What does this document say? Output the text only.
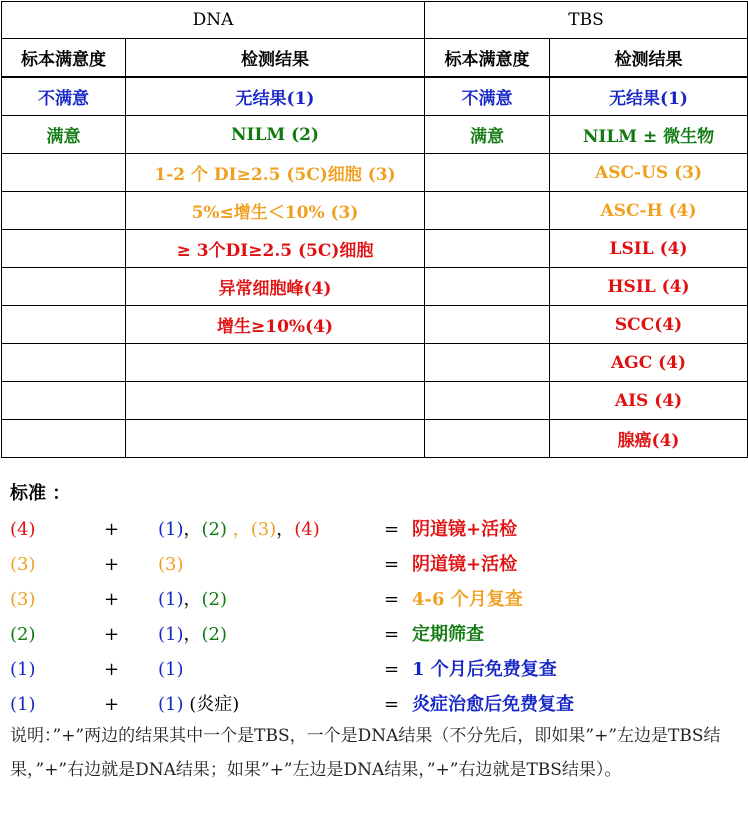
DNA		TBS	
标本满意度	检测结果	标本满意度	检测结果
不满意	无结果(1)	不满意	无结果(1)
满意	NILM (2)	满意	NILM ± 微生物
	1-2 个 DI≥2.5 (5C)细胞 (3)		ASC-US (3)
	5%≤增生＜10% (3)		ASC-H (4)
	≥ 3个DI≥2.5 (5C)细胞		LSIL (4)
	异常细胞峰(4)		HSIL (4)
	增生≥10%(4)		SCC(4)
			AGC (4)
			AIS (4)
			腺癌(4)
标准 ：
(4)	+ (1)，(2) ，(3)，(4)	= 阴道镜+活检
(3)	+ (3)	= 阴道镜+活检
(3)	+ (1)，(2)	= 4-6 个月复查
(2)	+ (1)，(2)	= 定期筛查
(1)	+ (1)	= 1 个月后免费复查
(1)	+ (1) (炎症)	= 炎症治愈后免费复查
说明：”+”两边的结果其中一个是TBS，一个是DNA结果（不分先后，即如果”+”左边是TBS结果，”+”右边就是DNA结果；如果”+”左边是DNA结果，”+”右边就是TBS结果）。
